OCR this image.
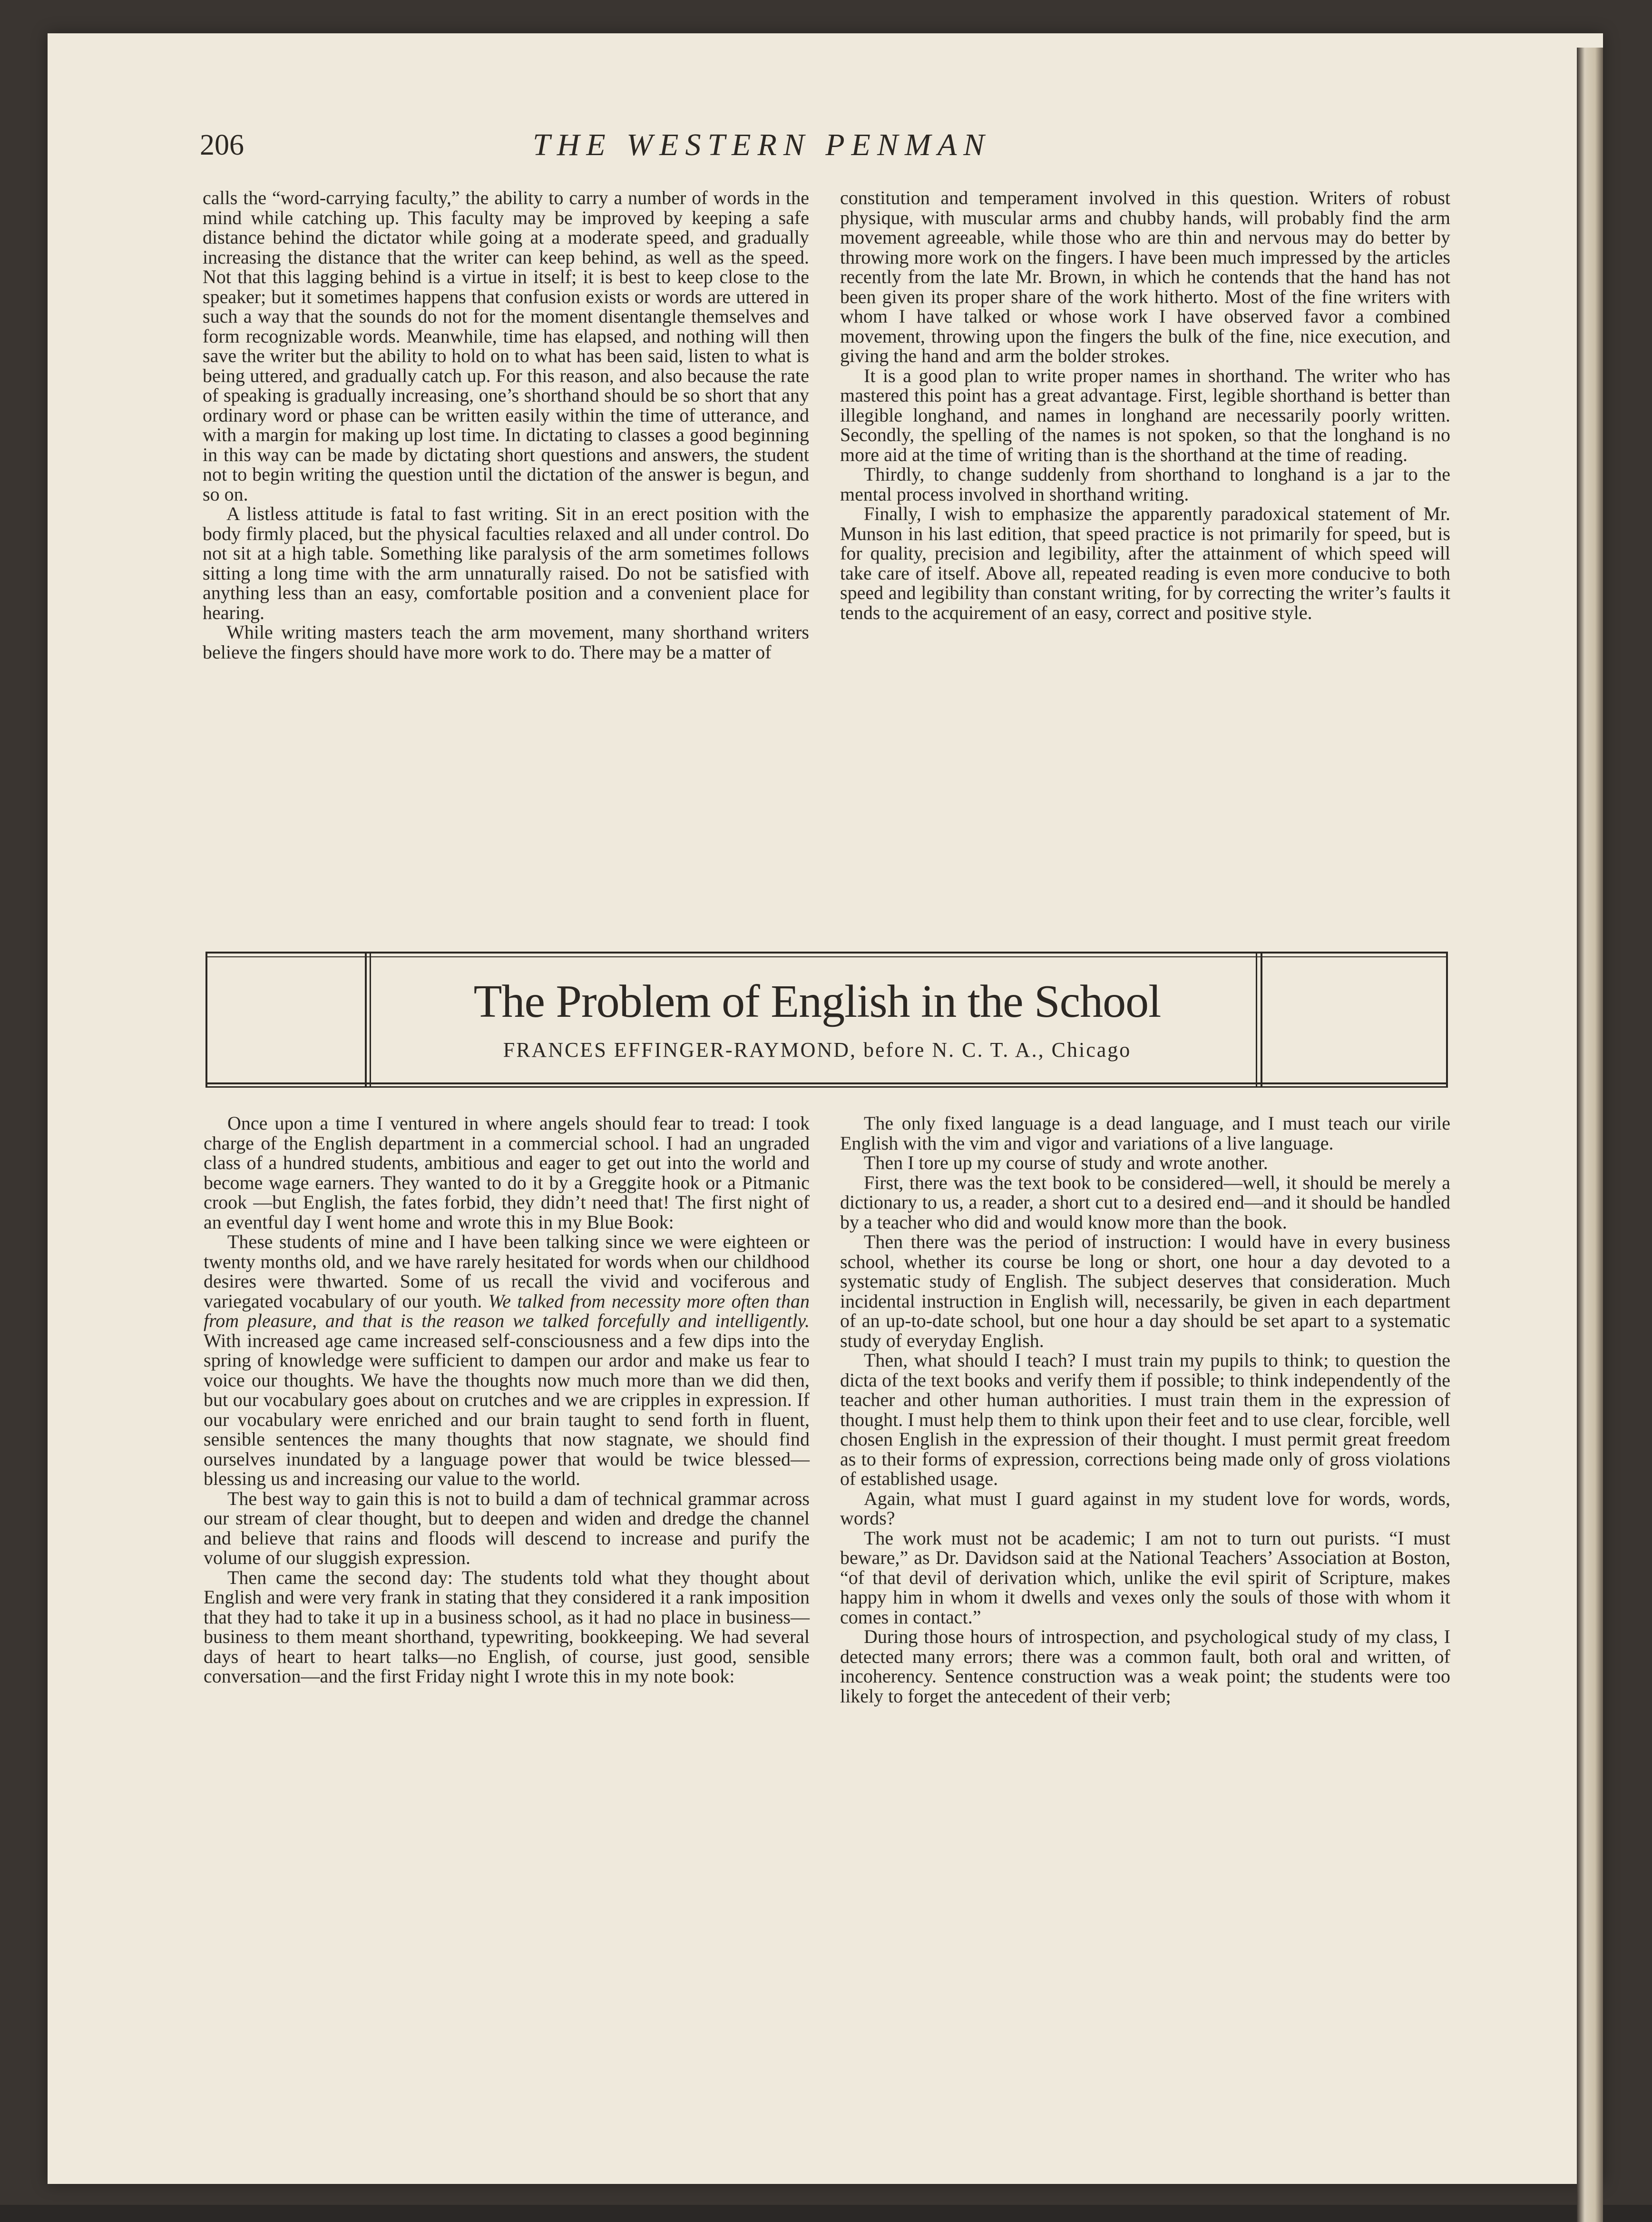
206	THE WESTERN PENMAN

calls the “word-carrying faculty,” the ability to carry a number of words in the mind while catching up. This faculty may be improved by keeping a safe distance behind the dictator while going at a moderate speed, and gradually increasing the distance that the writer can keep behind, as well as the speed. Not that this lagging behind is a virtue in itself; it is best to keep close to the speaker; but it sometimes happens that confusion exists or words are uttered in such a way that the sounds do not for the moment disentangle themselves and form recognizable words. Meanwhile, time has elapsed, and nothing will then save the writer but the ability to hold on to what has been said, listen to what is being uttered, and gradually catch up. For this reason, and also because the rate of speaking is gradually increasing, one’s shorthand should be so short that any ordinary word or phase can be written easily within the time of utterance, and with a margin for making up lost time. In dictating to classes a good beginning in this way can be made by dictating short questions and answers, the student not to begin writing the question until the dictation of the answer is begun, and so on.

A listless attitude is fatal to fast writing. Sit in an erect position with the body firmly placed, but the physical faculties relaxed and all under control. Do not sit at a high table. Something like paralysis of the arm sometimes follows sitting a long time with the arm unnaturally raised. Do not be satisfied with anything less than an easy, comfortable position and a convenient place for hearing.

While writing masters teach the arm movement, many shorthand writers believe the fingers should have more work to do. There may be a matter of

constitution and temperament involved in this question. Writers of robust physique, with muscular arms and chubby hands, will probably find the arm movement agreeable, while those who are thin and nervous may do better by throwing more work on the fingers. I have been much impressed by the articles recently from the late Mr. Brown, in which he contends that the hand has not been given its proper share of the work hitherto. Most of the fine writers with whom I have talked or whose work I have observed favor a combined movement, throwing upon the fingers the bulk of the fine, nice execution, and giving the hand and arm the bolder strokes.

It is a good plan to write proper names in shorthand. The writer who has mastered this point has a great advantage. First, legible shorthand is better than illegible longhand, and names in longhand are necessarily poorly written. Secondly, the spelling of the names is not spoken, so that the longhand is no more aid at the time of writing than is the shorthand at the time of reading.

Thirdly, to change suddenly from shorthand to longhand is a jar to the mental process involved in shorthand writing.

Finally, I wish to emphasize the apparently paradoxical statement of Mr. Munson in his last edition, that speed practice is not primarily for speed, but is for quality, precision and legibility, after the attainment of which speed will take care of itself. Above all, repeated reading is even more conducive to both speed and legibility than constant writing, for by correcting the writer’s faults it tends to the acquirement of an easy, correct and positive style.

The Problem of English in the School
FRANCES EFFINGER-RAYMOND, before N. C. T. A., Chicago

Once upon a time I ventured in where angels should fear to tread: I took charge of the English department in a commercial school. I had an ungraded class of a hundred students, ambitious and eager to get out into the world and become wage earners. They wanted to do it by a Greggite hook or a Pitmanic crook —but English, the fates forbid, they didn’t need that! The first night of an eventful day I went home and wrote this in my Blue Book:

These students of mine and I have been talking since we were eighteen or twenty months old, and we have rarely hesitated for words when our childhood desires were thwarted. Some of us recall the vivid and vociferous and variegated vocabulary of our youth. We talked from necessity more often than from pleasure, and that is the reason we talked forcefully and intelligently. With increased age came increased self-consciousness and a few dips into the spring of knowledge were sufficient to dampen our ardor and make us fear to voice our thoughts. We have the thoughts now much more than we did then, but our vocabulary goes about on crutches and we are cripples in expression. If our vocabulary were enriched and our brain taught to send forth in fluent, sensible sentences the many thoughts that now stagnate, we should find ourselves inundated by a language power that would be twice blessed—blessing us and increasing our value to the world.

The best way to gain this is not to build a dam of technical grammar across our stream of clear thought, but to deepen and widen and dredge the channel and believe that rains and floods will descend to increase and purify the volume of our sluggish expression.

Then came the second day: The students told what they thought about English and were very frank in stating that they considered it a rank imposition that they had to take it up in a business school, as it had no place in business—business to them meant shorthand, typewriting, bookkeeping. We had several days of heart to heart talks—no English, of course, just good, sensible conversation—and the first Friday night I wrote this in my note book:

The only fixed language is a dead language, and I must teach our virile English with the vim and vigor and variations of a live language.

Then I tore up my course of study and wrote another.

First, there was the text book to be considered—well, it should be merely a dictionary to us, a reader, a short cut to a desired end—and it should be handled by a teacher who did and would know more than the book.

Then there was the period of instruction: I would have in every business school, whether its course be long or short, one hour a day devoted to a systematic study of English. The subject deserves that consideration. Much incidental instruction in English will, necessarily, be given in each department of an up-to-date school, but one hour a day should be set apart to a systematic study of everyday English.

Then, what should I teach? I must train my pupils to think; to question the dicta of the text books and verify them if possible; to think independently of the teacher and other human authorities. I must train them in the expression of thought. I must help them to think upon their feet and to use clear, forcible, well chosen English in the expression of their thought. I must permit great freedom as to their forms of expression, corrections being made only of gross violations of established usage.

Again, what must I guard against in my student love for words, words, words?

The work must not be academic; I am not to turn out purists. “I must beware,” as Dr. Davidson said at the National Teachers’ Association at Boston, “of that devil of derivation which, unlike the evil spirit of Scripture, makes happy him in whom it dwells and vexes only the souls of those with whom it comes in contact.”

During those hours of introspection, and psychological study of my class, I detected many errors; there was a common fault, both oral and written, of incoherency. Sentence construction was a weak point; the students were too likely to forget the antecedent of their verb;
